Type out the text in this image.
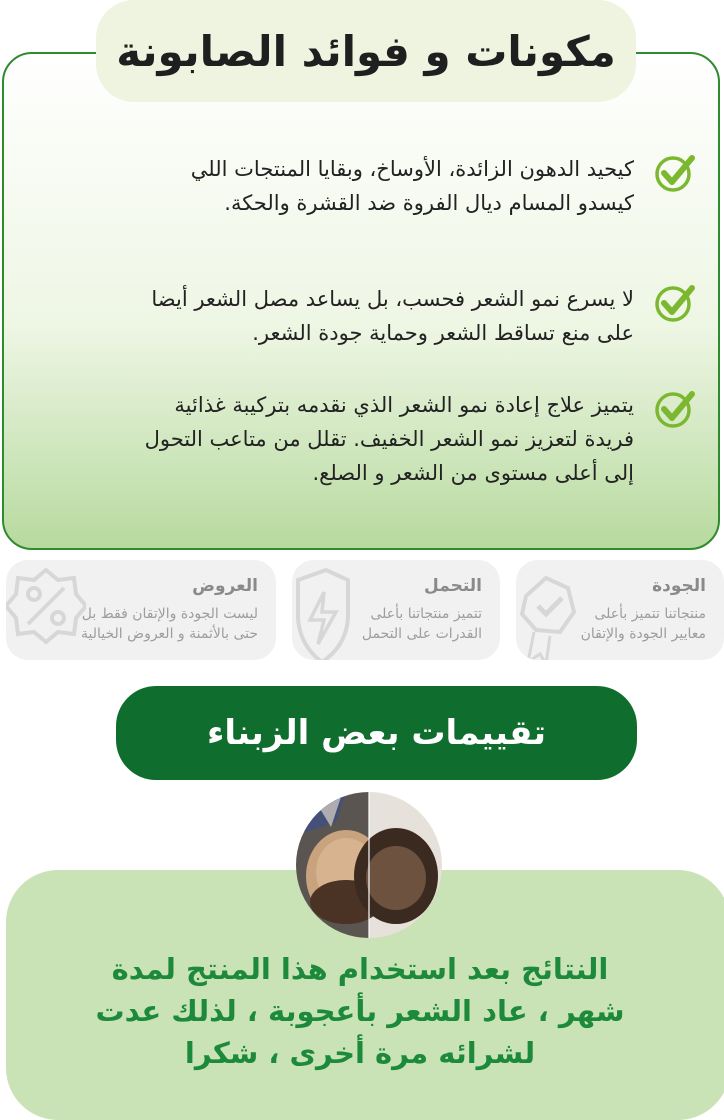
مكونات و فوائد الصابونة
كيحيد الدهون الزائدة، الأوساخ، وبقايا المنتجات اللي
كيسدو المسام ديال الفروة ضد القشرة والحكة.
لا يسرع نمو الشعر فحسب، بل يساعد مصل الشعر أيضا
على منع تساقط الشعر وحماية جودة الشعر.
يتميز علاج إعادة نمو الشعر الذي نقدمه بتركيبة غذائية
فريدة لتعزيز نمو الشعر الخفيف. تقلل من متاعب التحول
إلى أعلى مستوى من الشعر و الصلع.
الجودة
منتجاتنا تتميز بأعلى
معايير الجودة والإتقان
التحمل
تتميز منتجاتنا بأعلى
القدرات على التحمل
العروض
ليست الجودة والإتقان فقط بل
حتى بالأثمنة و العروض الخيالية
تقييمات بعض الزبناء
النتائج بعد استخدام هذا المنتج لمدة
شهر ، عاد الشعر بأعجوبة ، لذلك عدت
لشرائه مرة أخرى ، شكرا
